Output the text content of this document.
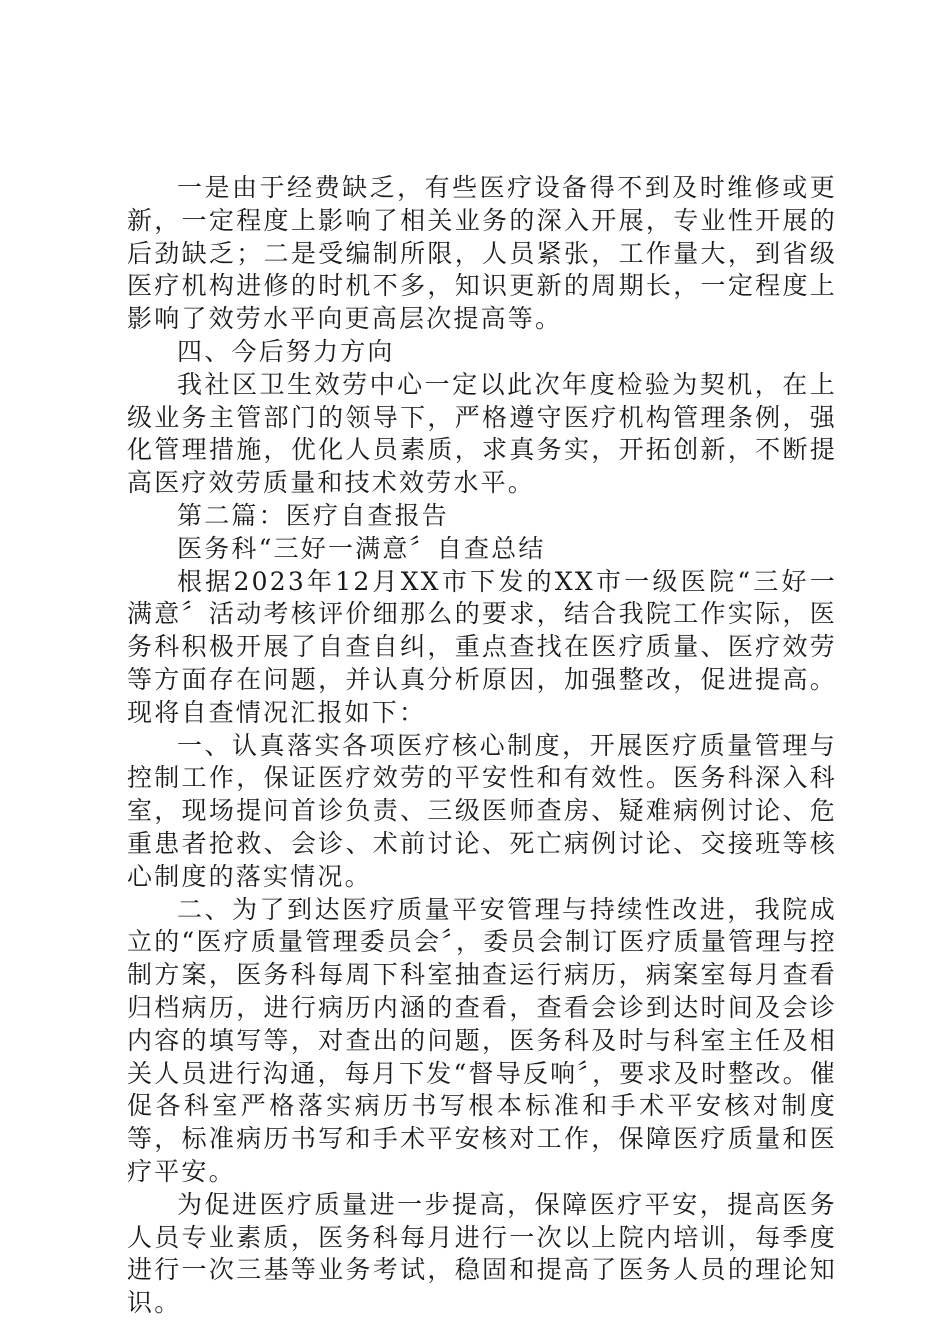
一是由于经费缺乏，有些医疗设备得不到及时维修或更新，一定程度上影响了相关业务的深入开展，专业性开展的后劲缺乏；二是受编制所限，人员紧张，工作量大，到省级医疗机构进修的时机不多，知识更新的周期长，一定程度上影响了效劳水平向更高层次提高等。

四、今后努力方向

我社区卫生效劳中心一定以此次年度检验为契机，在上级业务主管部门的领导下，严格遵守医疗机构管理条例，强化管理措施，优化人员素质，求真务实，开拓创新，不断提高医疗效劳质量和技术效劳水平。

第二篇：医疗自查报告

医务科“三好一满意〞自查总结

根据2023年12月XX市下发的XX市一级医院“三好一满意〞活动考核评价细那么的要求，结合我院工作实际，医务科积极开展了自查自纠，重点查找在医疗质量、医疗效劳等方面存在问题，并认真分析原因，加强整改，促进提高。现将自查情况汇报如下：

一、认真落实各项医疗核心制度，开展医疗质量管理与控制工作，保证医疗效劳的平安性和有效性。医务科深入科室，现场提问首诊负责、三级医师查房、疑难病例讨论、危重患者抢救、会诊、术前讨论、死亡病例讨论、交接班等核心制度的落实情况。

二、为了到达医疗质量平安管理与持续性改进，我院成立的“医疗质量管理委员会〞，委员会制订医疗质量管理与控制方案，医务科每周下科室抽查运行病历，病案室每月查看归档病历，进行病历内涵的查看，查看会诊到达时间及会诊内容的填写等，对查出的问题，医务科及时与科室主任及相关人员进行沟通，每月下发“督导反响〞，要求及时整改。催促各科室严格落实病历书写根本标准和手术平安核对制度等，标准病历书写和手术平安核对工作，保障医疗质量和医疗平安。

为促进医疗质量进一步提高，保障医疗平安，提高医务人员专业素质，医务科每月进行一次以上院内培训，每季度进行一次三基等业务考试，稳固和提高了医务人员的理论知识。
